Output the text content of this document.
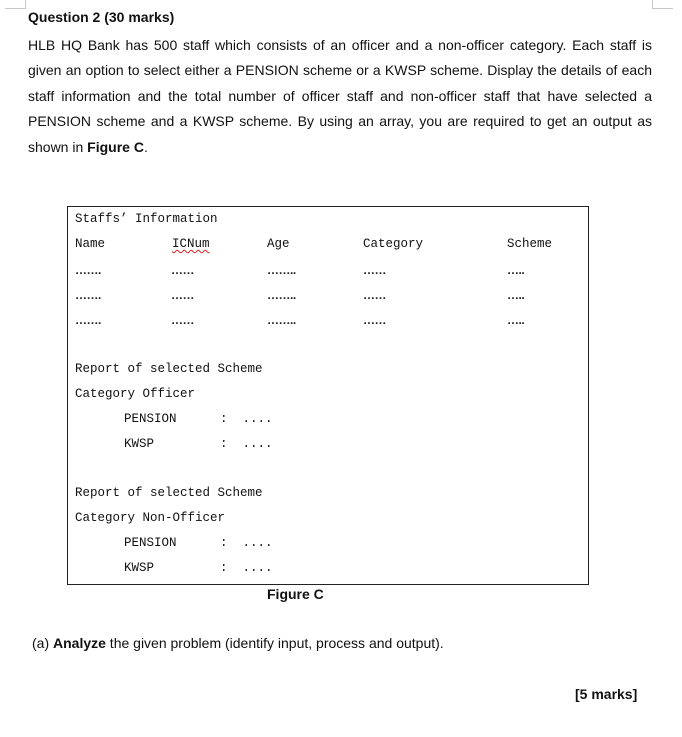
Question 2 (30 marks)

HLB HQ Bank has 500 staff which consists of an officer and a non-officer category. Each staff is given an option to select either a PENSION scheme or a KWSP scheme. Display the details of each staff information and the total number of officer staff and non-officer staff that have selected a PENSION scheme and a KWSP scheme. By using an array, you are required to get an output as shown in Figure C.

Staffs’ Information
Name	ICNum	Age	Category	Scheme
…….	……	……..	……	…..
…….	……	……..	……	…..
…….	……	……..	……	…..
Report of selected Scheme
Category Officer
PENSION	:  ....
KWSP	:  ....
Report of selected Scheme
Category Non-Officer
PENSION	:  ....
KWSP	:  ....
Figure C
(a) Analyze the given problem (identify input, process and output).
[5 marks]
